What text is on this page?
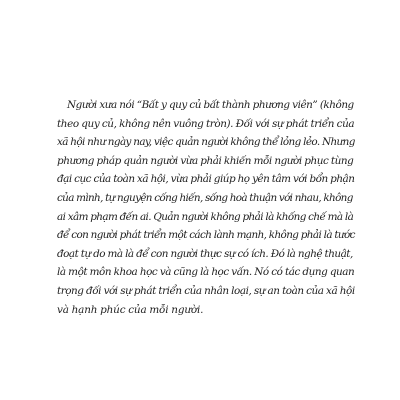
Người xưa nói “Bất y quy củ bất thành phương viên” (không
theo quy củ, không nên vuông tròn). Đối với sự phát triển của
xã hội như ngày nay, việc quản người không thể lỏng lẻo. Nhưng
phương pháp quản người vừa phải khiến mỗi người phục tùng
đại cục của toàn xã hội, vừa phải giúp họ yên tâm với bổn phận
của mình, tự nguyện cống hiến, sống hoà thuận với nhau, không
ai xâm phạm đến ai. Quản người không phải là khống chế mà là
để con người phát triển một cách lành mạnh, không phải là tước
đoạt tự do mà là để con người thực sự có ích. Đó là nghệ thuật,
là một môn khoa học và cũng là học vấn. Nó có tác dụng quan
trọng đối với sự phát triển của nhân loại, sự an toàn của xã hội
và hạnh phúc của mỗi người.
